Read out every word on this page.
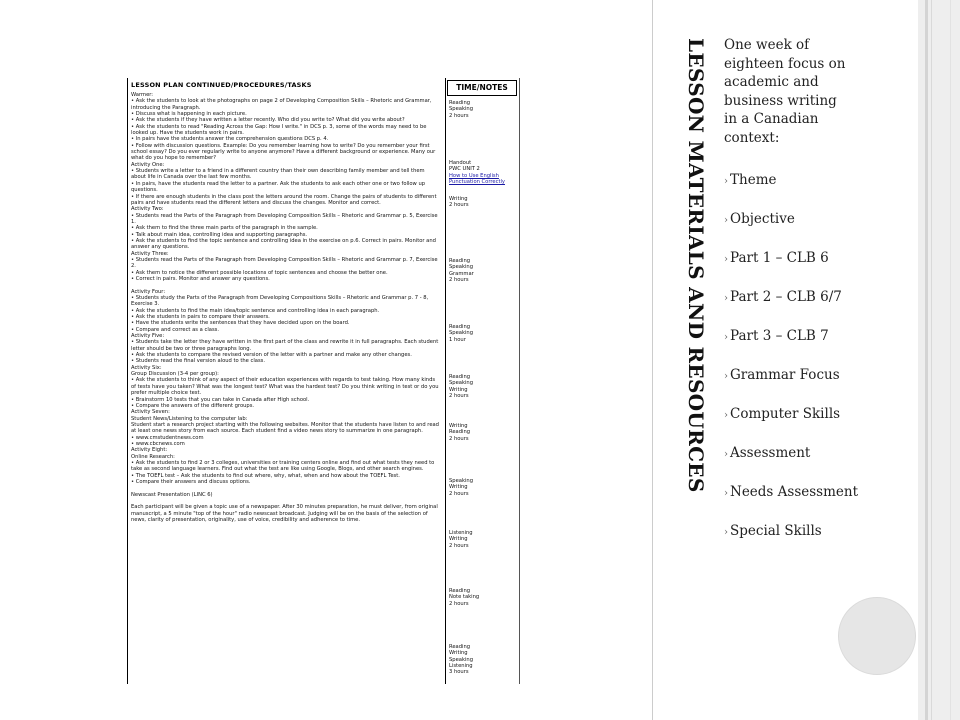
LESSON PLAN CONTINUED/PROCEDURES/TASKS	TIME/NOTES
Warmer:
• Ask the students to look at the photographs on page 2 of Developing Composition Skills – Rhetoric and Grammar, introducing the Paragraph.
• Discuss what is happening in each picture.
• Ask the students if they have written a letter recently. Who did you write to? What did you write about?
• Ask the students to read "Reading Across the Gap: How I write." in DCS p. 3, some of the words may need to be looked up. Have the students work in pairs.
• In pairs have the students answer the comprehension questions DCS p. 4.
• Follow with discussion questions. Example: Do you remember learning how to write? Do you remember your first school essay? Do you ever regularly write to anyone anymore? Have a different background or experience. Many our what do you hope to remember?
Activity One:
• Students write a letter to a friend in a different country than their own describing family member and tell them about life in Canada over the last few months.
• In pairs, have the students read the letter to a partner. Ask the students to ask each other one or two follow up questions.
• If there are enough students in the class post the letters around the room. Change the pairs of students to different pairs and have students read the different letters and discuss the changes. Monitor and correct.
Activity Two:
• Students read the Parts of the Paragraph from Developing Composition Skills – Rhetoric and Grammar p. 5, Exercise 1.
• Ask them to find the three main parts of the paragraph in the sample.
• Talk about main idea, controlling idea and supporting paragraphs.
• Ask the students to find the topic sentence and controlling idea in the exercise on p.6. Correct in pairs. Monitor and answer any questions.
Activity Three:
• Students read the Parts of the Paragraph from Developing Composition Skills – Rhetoric and Grammar p. 7, Exercise 2.
• Ask them to notice the different possible locations of topic sentences and choose the better one.
• Correct in pairs. Monitor and answer any questions.

Activity Four:
• Students study the Parts of the Paragraph from Developing Compositions Skills – Rhetoric and Grammar p. 7 - 8, Exercise 3.
• Ask the students to find the main idea/topic sentence and controlling idea in each paragraph.
• Ask the students in pairs to compare their answers.
• Have the students write the sentences that they have decided upon on the board.
• Compare and correct as a class.
Activity Five:
• Students take the letter they have written in the first part of the class and rewrite it in full paragraphs. Each student letter should be two or three paragraphs long.
• Ask the students to compare the revised version of the letter with a partner and make any other changes.
• Students read the final version aloud to the class.
Activity Six:
Group Discussion (3-4 per group):
• Ask the students to think of any aspect of their education experiences with regards to test taking. How many kinds of tests have you taken? What was the longest test? What was the hardest test? Do you think writing in test or do you prefer multiple choice test.
• Brainstorm 10 tests that you can take in Canada after High school.
• Compare the answers of the different groups.
Activity Seven:
Student News/Listening to the computer lab:
Student start a research project starting with the following websites. Monitor that the students have listen to and read at least one news story from each source. Each student find a video news story to summarize in one paragraph.
• www.cmstudentnews.com
• www.cbcnews.com
Activity Eight:
Online Research:
• Ask the students to find 2 or 3 colleges, universities or training centers online and find out what tests they need to take as second language learners. Find out what the test are like using Google, Blogs, and other search engines.
• The TOEFL test – Ask the students to find out where, why, what, when and how about the TOEFL Test.
• Compare their answers and discuss options.

Newscast Presentation (LINC 6)

Each participant will be given a topic use of a newspaper. After 30 minutes preparation, he must deliver, from original manuscript, a 5 minute "top of the hour" radio newscast broadcast. Judging will be on the basis of the selection of news, clarity of presentation, originality, use of voice, credibility and adherence to time.
Reading
Speaking
2 hours
Handout
PWC UNIT 2
How to Use English
Punctuation Correctly
Writing
2 hours
Reading
Speaking
Grammar
2 hours
Reading
Speaking
1 hour
Reading
Speaking
Writing
2 hours
Writing
Reading
2 hours
Speaking
Writing
2 hours
Listening
Writing
2 hours
Reading
Note taking
2 hours
Reading
Writing
Speaking
Listening
3 hours
LESSON MATERIALS AND RESOURCES One week of eighteen focus on academic and business writing in a Canadian context:
› Theme
› Objective
› Part 1 – CLB 6
› Part 2 – CLB 6/7
› Part 3 – CLB 7
› Grammar Focus
› Computer Skills
› Assessment
› Needs Assessment
› Special Skills
